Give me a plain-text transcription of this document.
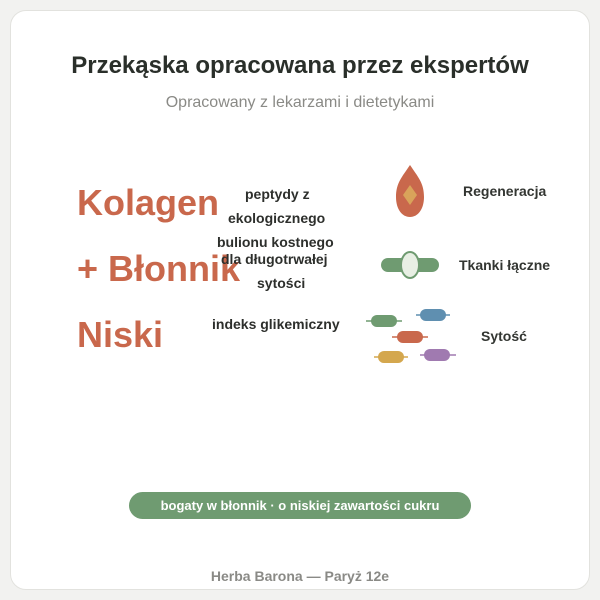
Przekąska opracowana przez ekspertów

Opracowany z lekarzami i dietetykami

Kolagen
+ Błonnik
Niski
peptydy z
ekologicznego
bulionu kostnego
dla długotrwałej
sytości
indeks glikemiczny
Regeneracja
Tkanki łączne
Sytość
bogaty w błonnik · o niskiej zawartości cukru
Herba Barona — Paryż 12e
